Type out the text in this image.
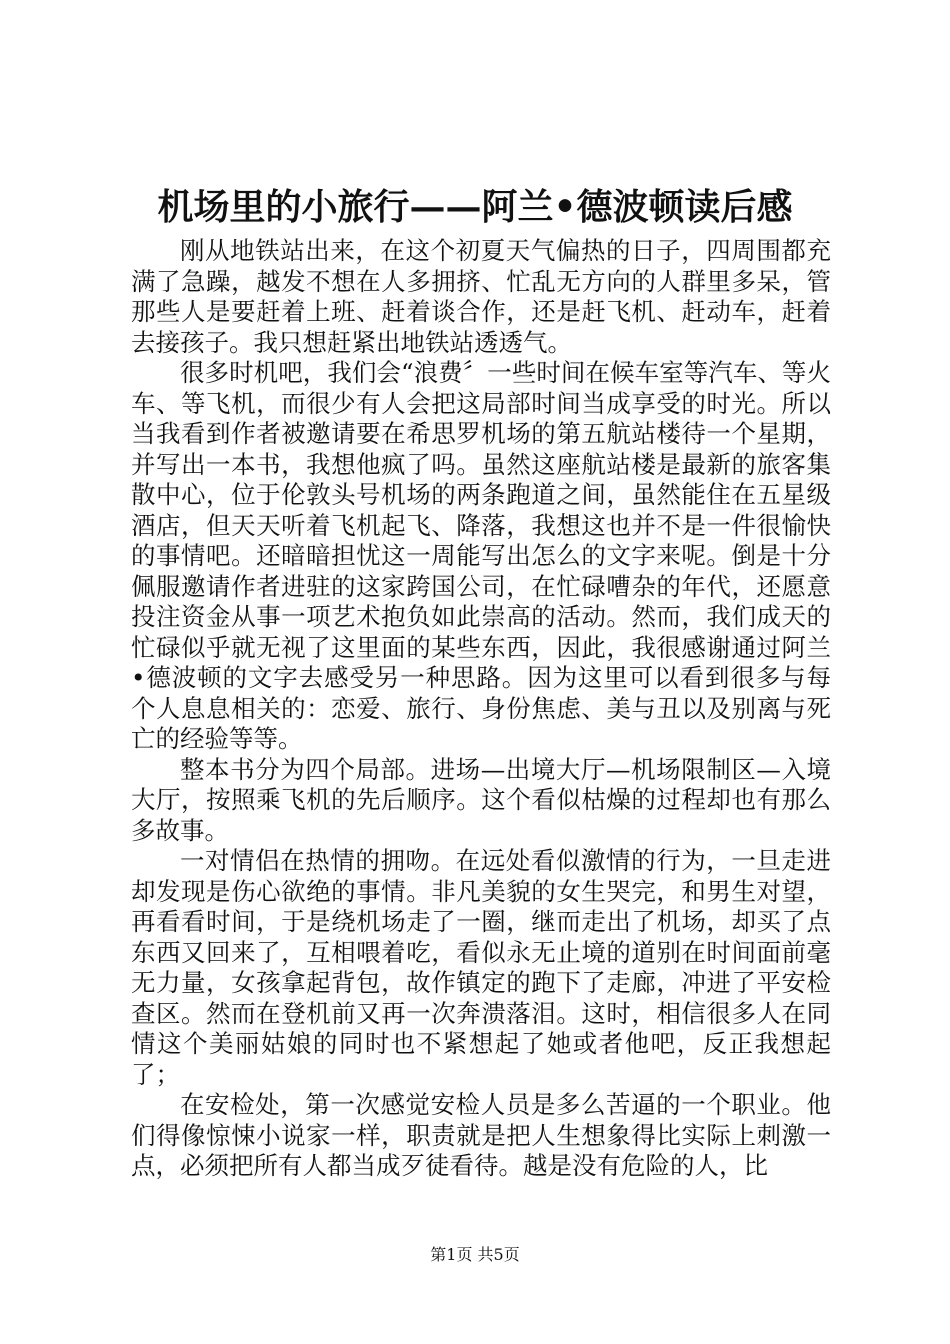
机场里的小旅行——阿兰•德波顿读后感

刚从地铁站出来，在这个初夏天气偏热的日子，四周围都充满了急躁，越发不想在人多拥挤、忙乱无方向的人群里多呆，管那些人是要赶着上班、赶着谈合作，还是赶飞机、赶动车，赶着去接孩子。我只想赶紧出地铁站透透气。

很多时机吧，我们会“浪费〞一些时间在候车室等汽车、等火车、等飞机，而很少有人会把这局部时间当成享受的时光。所以当我看到作者被邀请要在希思罗机场的第五航站楼待一个星期，并写出一本书，我想他疯了吗。虽然这座航站楼是最新的旅客集散中心，位于伦敦头号机场的两条跑道之间，虽然能住在五星级酒店，但天天听着飞机起飞、降落，我想这也并不是一件很愉快的事情吧。还暗暗担忧这一周能写出怎么的文字来呢。倒是十分佩服邀请作者进驻的这家跨国公司，在忙碌嘈杂的年代，还愿意投注资金从事一项艺术抱负如此崇高的活动。然而，我们成天的忙碌似乎就无视了这里面的某些东西，因此，我很感谢通过阿兰•德波顿的文字去感受另一种思路。因为这里可以看到很多与每个人息息相关的：恋爱、旅行、身份焦虑、美与丑以及别离与死亡的经验等等。

整本书分为四个局部。进场—出境大厅—机场限制区—入境大厅，按照乘飞机的先后顺序。这个看似枯燥的过程却也有那么多故事。

一对情侣在热情的拥吻。在远处看似激情的行为，一旦走进却发现是伤心欲绝的事情。非凡美貌的女生哭完，和男生对望，再看看时间，于是绕机场走了一圈，继而走出了机场，却买了点东西又回来了，互相喂着吃，看似永无止境的道别在时间面前毫无力量，女孩拿起背包，故作镇定的跑下了走廊，冲进了平安检查区。然而在登机前又再一次奔溃落泪。这时，相信很多人在同情这个美丽姑娘的同时也不紧想起了她或者他吧，反正我想起了；

在安检处，第一次感觉安检人员是多么苦逼的一个职业。他们得像惊悚小说家一样，职责就是把人生想象得比实际上刺激一点，必须把所有人都当成歹徒看待。越是没有危险的人，比

第1页 共5页
